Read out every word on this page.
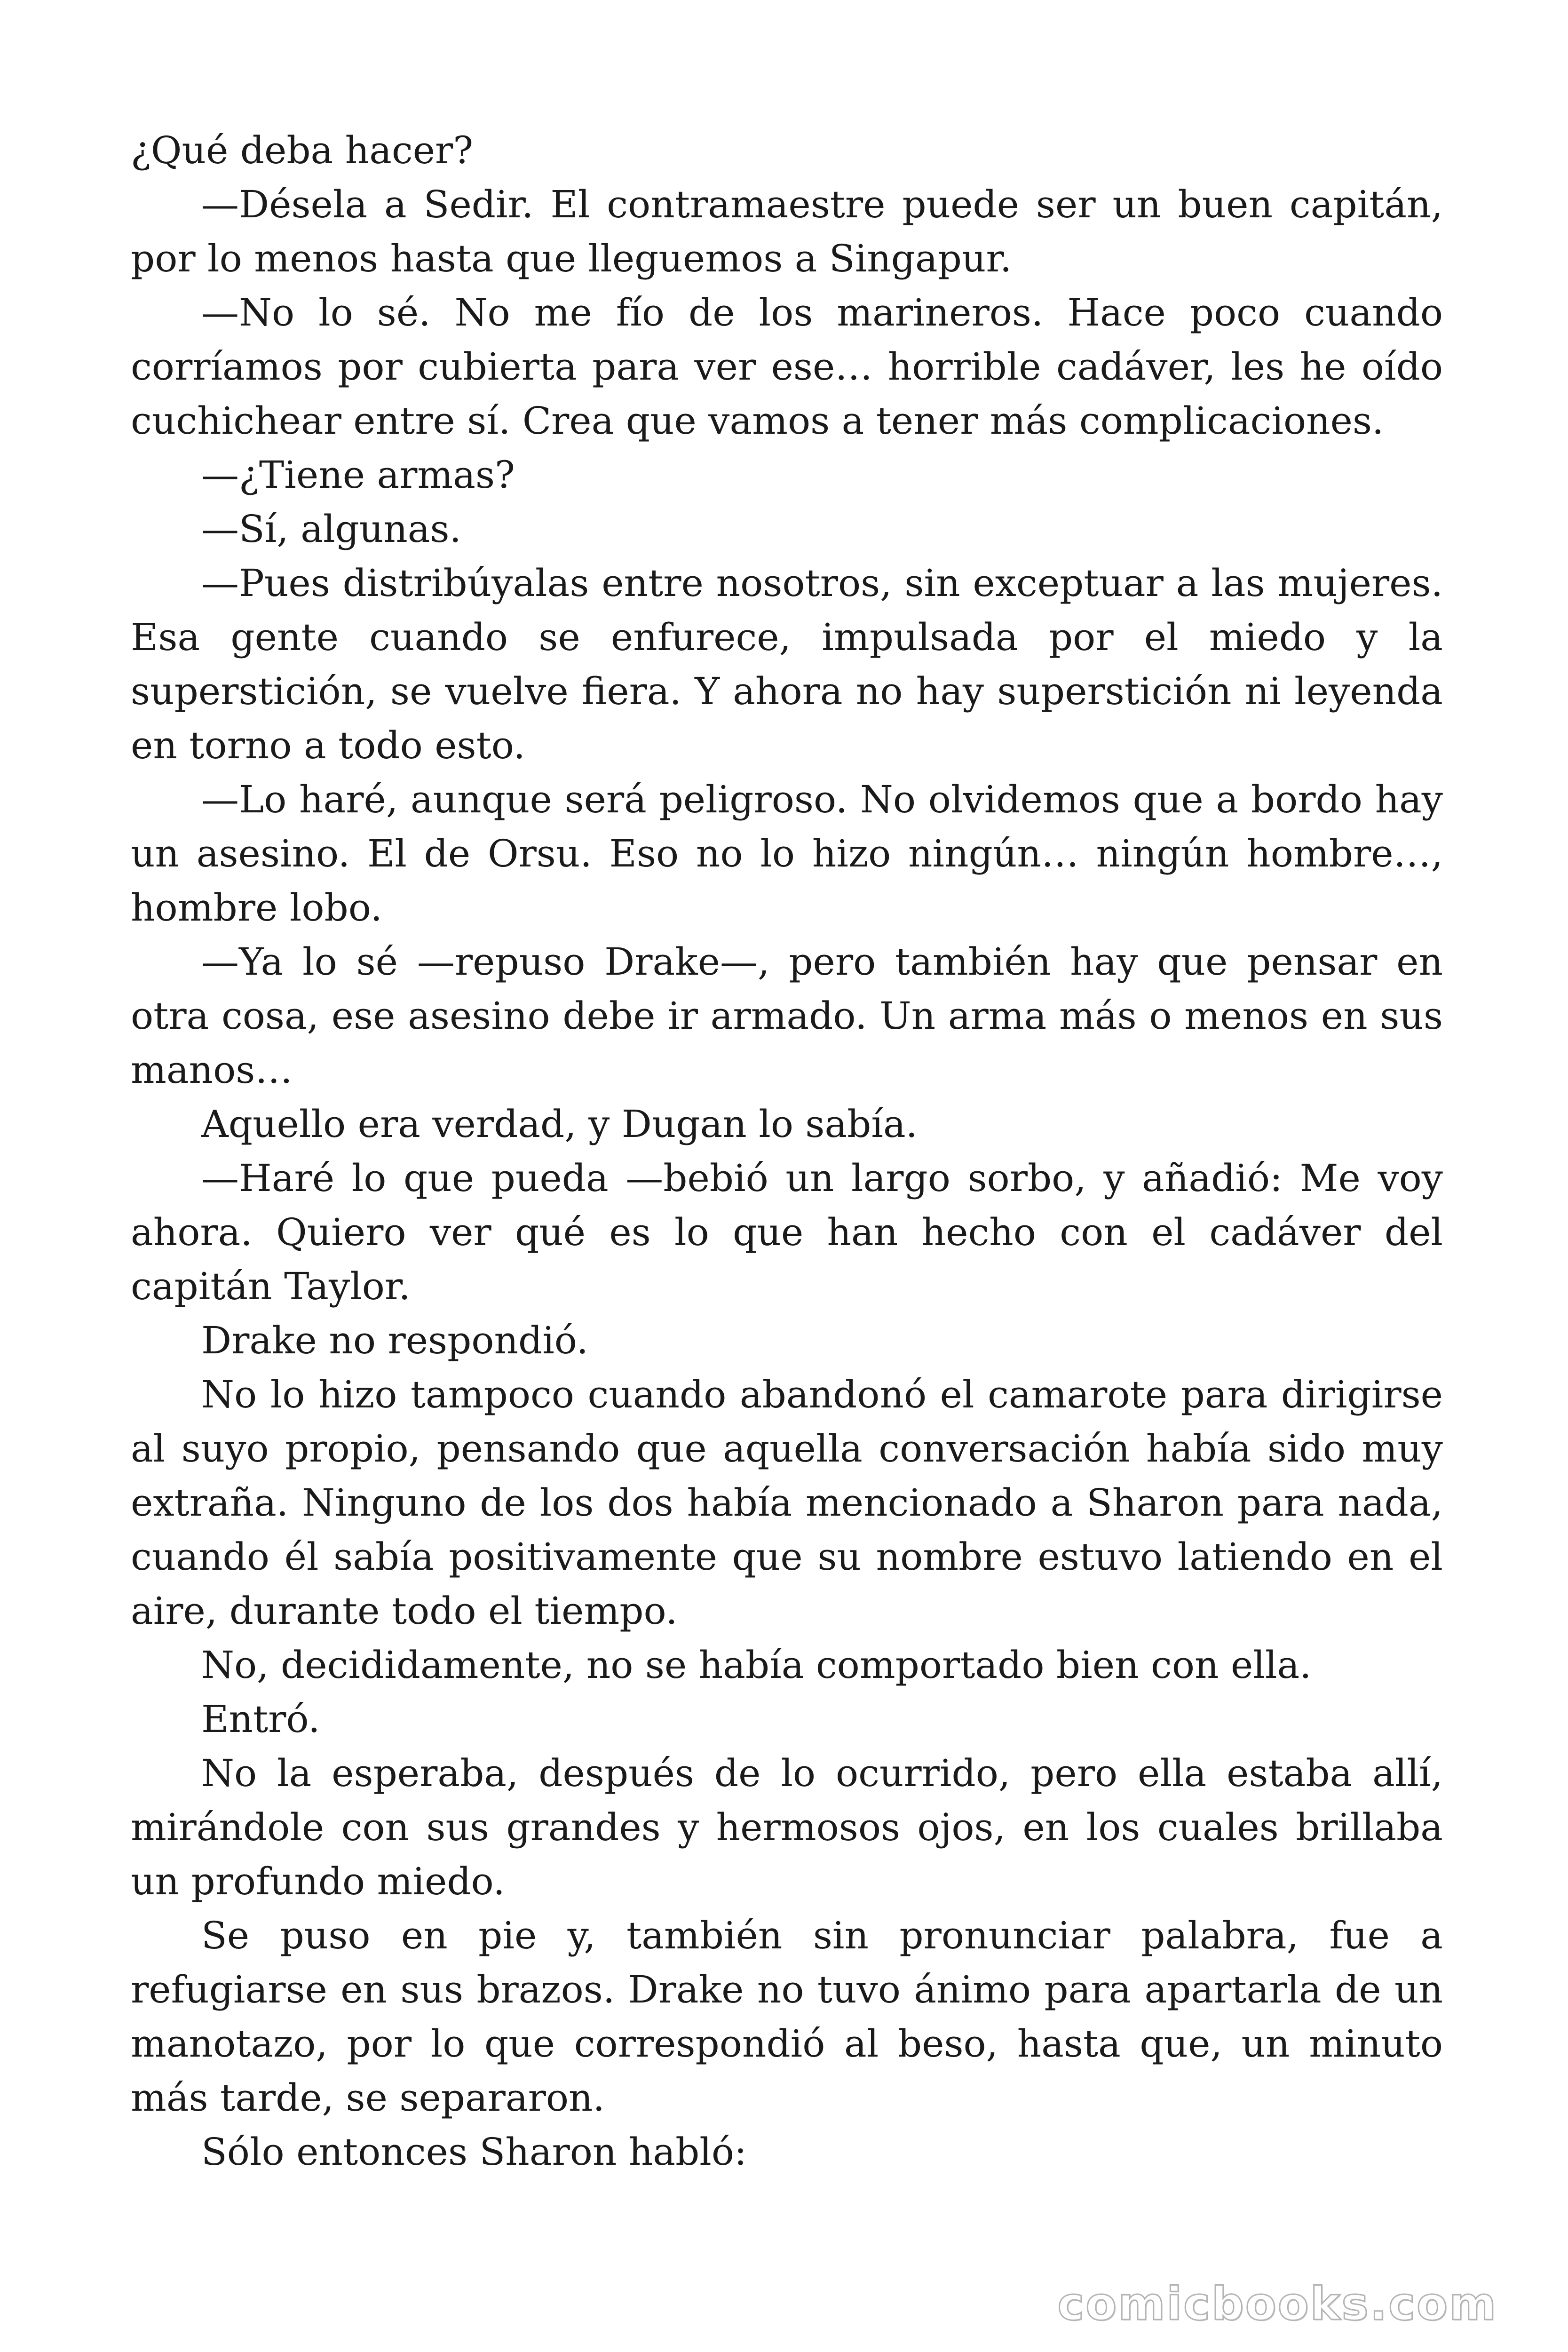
¿Qué deba hacer?

—Désela a Sedir. El contramaestre puede ser un buen capitán, por lo menos hasta que lleguemos a Singapur.

—No lo sé. No me fío de los marineros. Hace poco cuando corríamos por cubierta para ver ese… horrible cadáver, les he oído cuchichear entre sí. Crea que vamos a tener más complicaciones.

—¿Tiene armas?

—Sí, algunas.

—Pues distribúyalas entre nosotros, sin exceptuar a las mujeres. Esa gente cuando se enfurece, impulsada por el miedo y la superstición, se vuelve fiera. Y ahora no hay superstición ni leyenda en torno a todo esto.

—Lo haré, aunque será peligroso. No olvidemos que a bordo hay un asesino. El de Orsu. Eso no lo hizo ningún… ningún hombre…, hombre lobo.

—Ya lo sé —repuso Drake—, pero también hay que pensar en otra cosa, ese asesino debe ir armado. Un arma más o menos en sus manos…

Aquello era verdad, y Dugan lo sabía.

—Haré lo que pueda —bebió un largo sorbo, y añadió: Me voy ahora. Quiero ver qué es lo que han hecho con el cadáver del capitán Taylor.

Drake no respondió.

No lo hizo tampoco cuando abandonó el camarote para dirigirse al suyo propio, pensando que aquella conversación había sido muy extraña. Ninguno de los dos había mencionado a Sharon para nada, cuando él sabía positivamente que su nombre estuvo latiendo en el aire, durante todo el tiempo.

No, decididamente, no se había comportado bien con ella.

Entró.

No la esperaba, después de lo ocurrido, pero ella estaba allí, mirándole con sus grandes y hermosos ojos, en los cuales brillaba un profundo miedo.

Se puso en pie y, también sin pronunciar palabra, fue a refugiarse en sus brazos. Drake no tuvo ánimo para apartarla de un manotazo, por lo que correspondió al beso, hasta que, un minuto más tarde, se separaron.

Sólo entonces Sharon habló:

comicbooks.com
